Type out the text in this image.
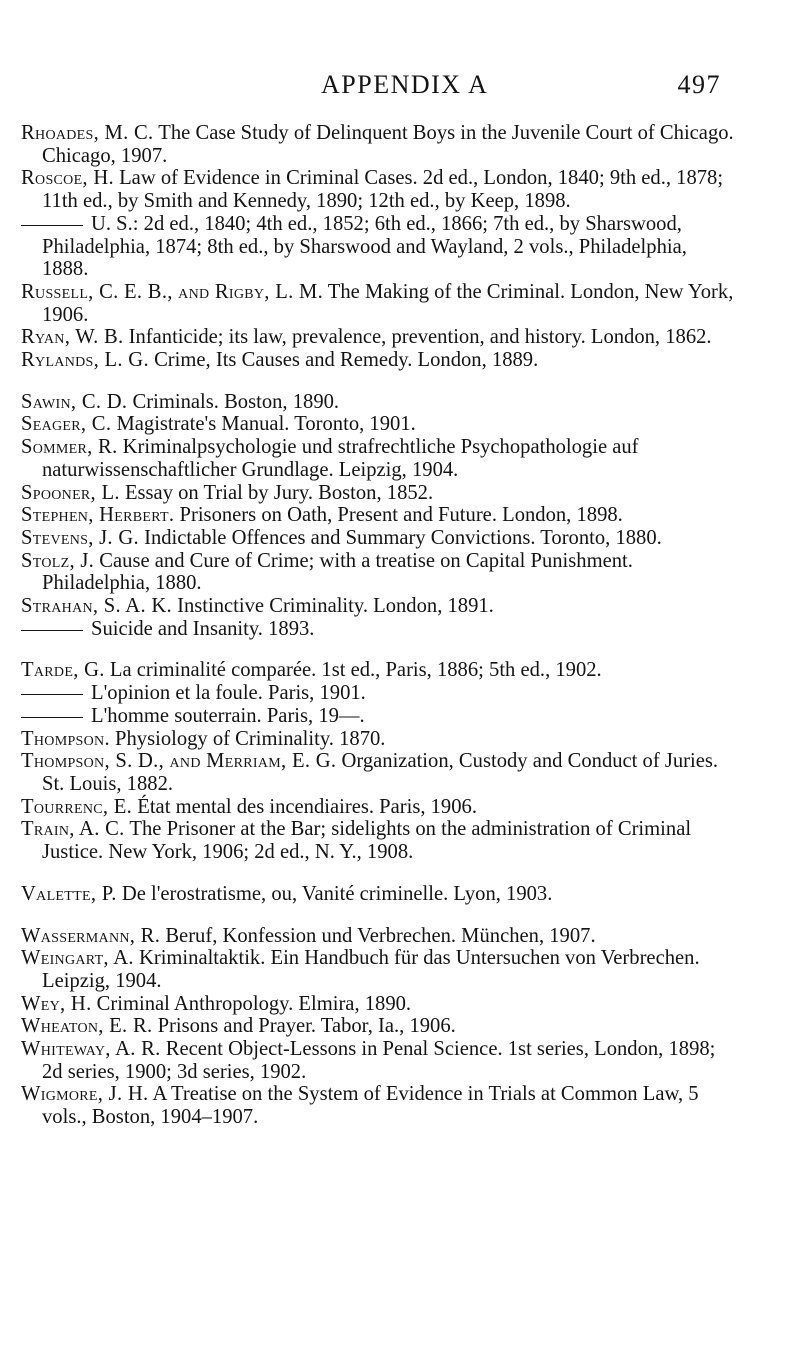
APPENDIX A	497
Rhoades, M. C. The Case Study of Delinquent Boys in the Juvenile Court of Chicago. Chicago, 1907.
Roscoe, H. Law of Evidence in Criminal Cases. 2d ed., London, 1840; 9th ed., 1878; 11th ed., by Smith and Kennedy, 1890; 12th ed., by Keep, 1898.
U. S.: 2d ed., 1840; 4th ed., 1852; 6th ed., 1866; 7th ed., by Sharswood, Philadelphia, 1874; 8th ed., by Sharswood and Wayland, 2 vols., Philadelphia, 1888.
Russell, C. E. B., and Rigby, L. M. The Making of the Criminal. London, New York, 1906.
Ryan, W. B. Infanticide; its law, prevalence, prevention, and history. London, 1862.
Rylands, L. G. Crime, Its Causes and Remedy. London, 1889.
Sawin, C. D. Criminals. Boston, 1890.
Seager, C. Magistrate's Manual. Toronto, 1901.
Sommer, R. Kriminalpsychologie und strafrechtliche Psychopathologie auf naturwissenschaftlicher Grundlage. Leipzig, 1904.
Spooner, L. Essay on Trial by Jury. Boston, 1852.
Stephen, Herbert. Prisoners on Oath, Present and Future. London, 1898.
Stevens, J. G. Indictable Offences and Summary Convictions. Toronto, 1880.
Stolz, J. Cause and Cure of Crime; with a treatise on Capital Punishment. Philadelphia, 1880.
Strahan, S. A. K. Instinctive Criminality. London, 1891.
Suicide and Insanity. 1893.
Tarde, G. La criminalité comparée. 1st ed., Paris, 1886; 5th ed., 1902.
L'opinion et la foule. Paris, 1901.
L'homme souterrain. Paris, 19—.
Thompson. Physiology of Criminality. 1870.
Thompson, S. D., and Merriam, E. G. Organization, Custody and Conduct of Juries. St. Louis, 1882.
Tourrenc, E. État mental des incendiaires. Paris, 1906.
Train, A. C. The Prisoner at the Bar; sidelights on the administration of Criminal Justice. New York, 1906; 2d ed., N. Y., 1908.
Valette, P. De l'erostratisme, ou, Vanité criminelle. Lyon, 1903.
Wassermann, R. Beruf, Konfession und Verbrechen. München, 1907.
Weingart, A. Kriminaltaktik. Ein Handbuch für das Untersuchen von Verbrechen. Leipzig, 1904.
Wey, H. Criminal Anthropology. Elmira, 1890.
Wheaton, E. R. Prisons and Prayer. Tabor, Ia., 1906.
Whiteway, A. R. Recent Object-Lessons in Penal Science. 1st series, London, 1898; 2d series, 1900; 3d series, 1902.
Wigmore, J. H. A Treatise on the System of Evidence in Trials at Common Law, 5 vols., Boston, 1904–1907.
